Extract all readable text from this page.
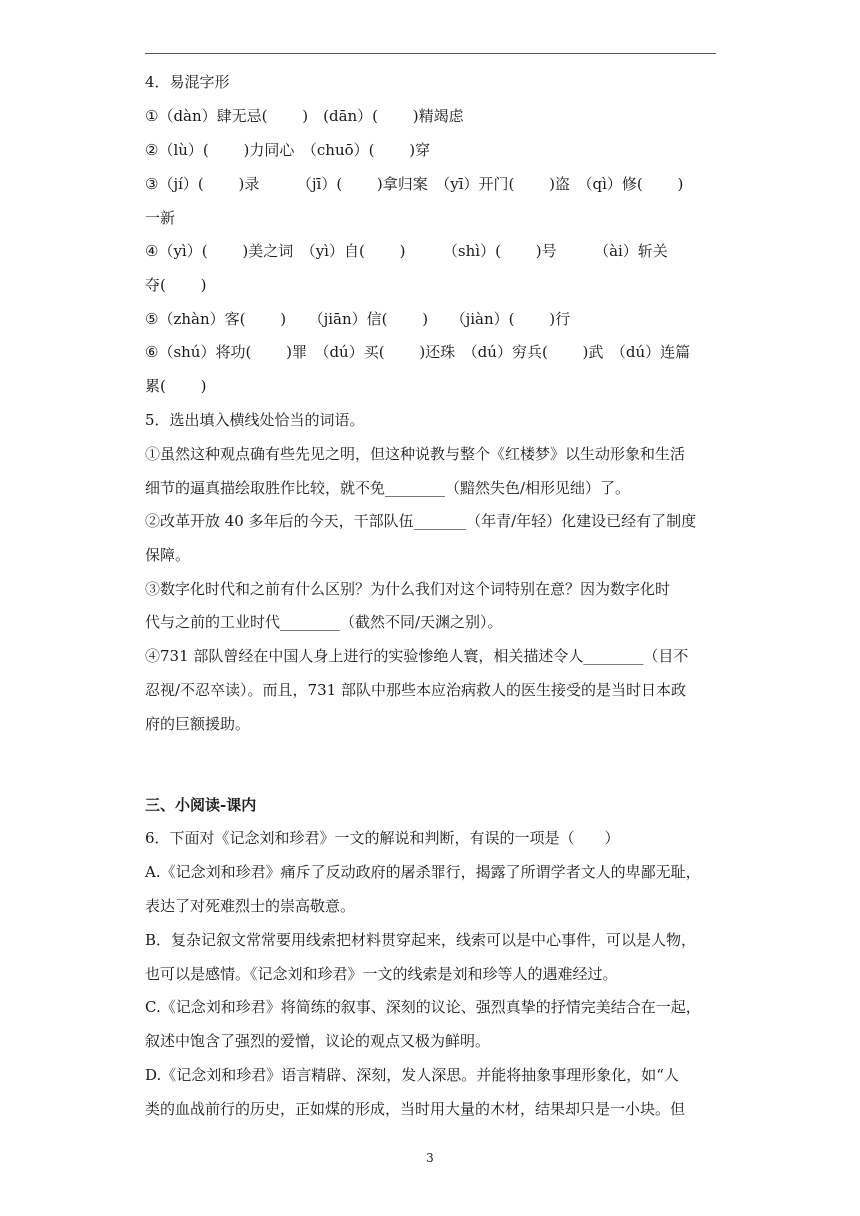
4．易混字形
①（dàn）肆无忌(　　 )　(dān）(　　 )精竭虑
②（lù）(　　 )力同心　（chuō）(　　 )穿
③（jí）(　　 )录　　　（jī）(　　 )拿归案　（yī）开门(　　 )盗　（qì）修(　　 )
一新
④（yì）(　　 )美之词　（yì）自(　　 )　　　（shì）(　　 )号　　　（ài）斩关
夺(　　 )
⑤（zhàn）客(　　 )　　（jiān）信(　　 )　　（jiàn）(　　 )行
⑥（shú）将功(　　 )罪　（dú）买(　　 )还珠　（dú）穷兵(　　 )武　（dú）连篇
累(　　 )
5．选出填入横线处恰当的词语。
①虽然这种观点确有些先见之明，但这种说教与整个《红楼梦》以生动形象和生活
细节的逼真描绘取胜作比较，就不免________（黯然失色/相形见绌）了。
②改革开放 40 多年后的今天，干部队伍_______（年青/年轻）化建设已经有了制度
保障。
③数字化时代和之前有什么区别？为什么我们对这个词特别在意？因为数字化时
代与之前的工业时代________（截然不同/天渊之别）。
④731 部队曾经在中国人身上进行的实验惨绝人寰，相关描述令人________（目不
忍视/不忍卒读）。而且，731 部队中那些本应治病救人的医生接受的是当时日本政
府的巨额援助。
三、小阅读-课内
6．下面对《记念刘和珍君》一文的解说和判断，有误的一项是（　　）
A.《记念刘和珍君》痛斥了反动政府的屠杀罪行，揭露了所谓学者文人的卑鄙无耻，
表达了对死难烈士的崇高敬意。
B．复杂记叙文常常要用线索把材料贯穿起来，线索可以是中心事件，可以是人物，
也可以是感情。《记念刘和珍君》一文的线索是刘和珍等人的遇难经过。
C.《记念刘和珍君》将简练的叙事、深刻的议论、强烈真挚的抒情完美结合在一起，
叙述中饱含了强烈的爱憎，议论的观点又极为鲜明。
D.《记念刘和珍君》语言精辟、深刻，发人深思。并能将抽象事理形象化，如“人
类的血战前行的历史，正如煤的形成，当时用大量的木材，结果却只是一小块。但
3
